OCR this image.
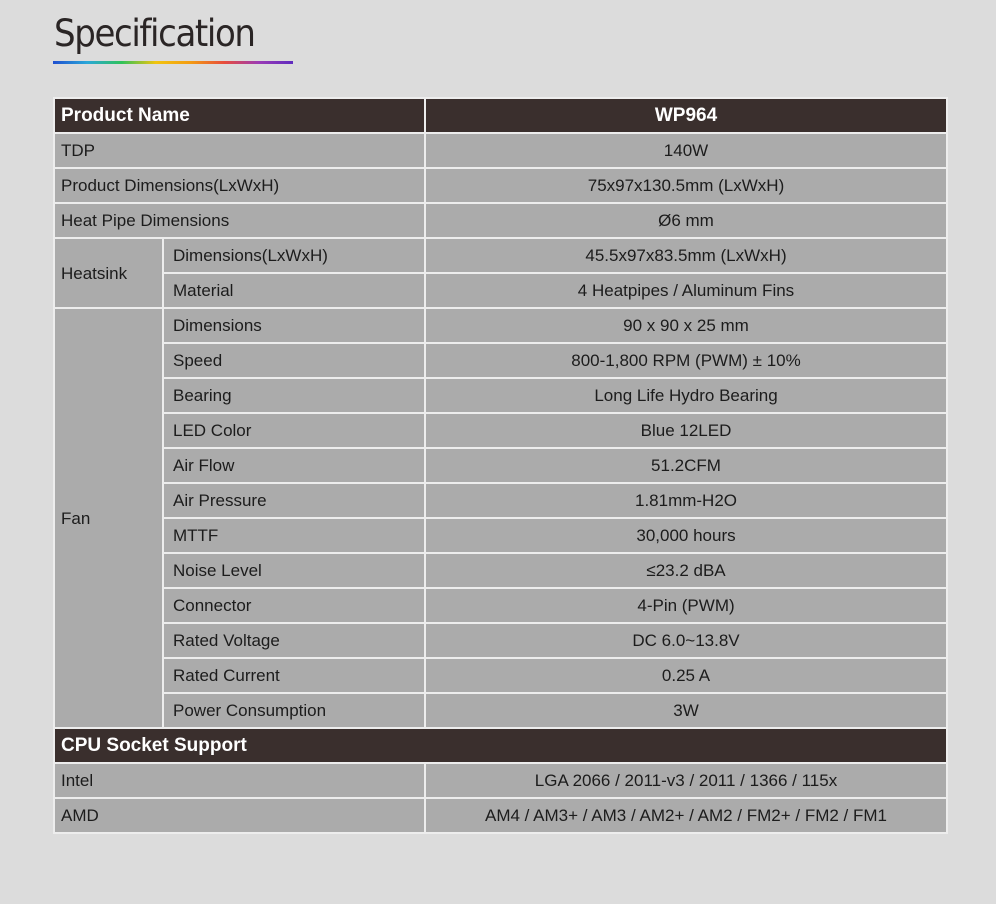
Specification
Product Name		WP964
TDP		140W
Product Dimensions(LxWxH)		75x97x130.5mm (LxWxH)
Heat Pipe Dimensions		Ø6 mm
Heatsink	Dimensions(LxWxH)	45.5x97x83.5mm (LxWxH)
	Material	4 Heatpipes / Aluminum Fins
Fan	Dimensions	90 x 90 x 25 mm
	Speed	800-1,800 RPM (PWM) ± 10%
	Bearing	Long Life Hydro Bearing
	LED Color	Blue 12LED
	Air Flow	51.2CFM
	Air Pressure	1.81mm-H2O
	MTTF	30,000 hours
	Noise Level	≤23.2 dBA
	Connector	4-Pin (PWM)
	Rated Voltage	DC 6.0~13.8V
	Rated Current	0.25 A
	Power Consumption	3W
CPU Socket Support		
Intel		LGA 2066 / 2011-v3 / 2011 / 1366 / 115x
AMD		AM4 / AM3+ / AM3 / AM2+ / AM2 / FM2+ / FM2 / FM1
